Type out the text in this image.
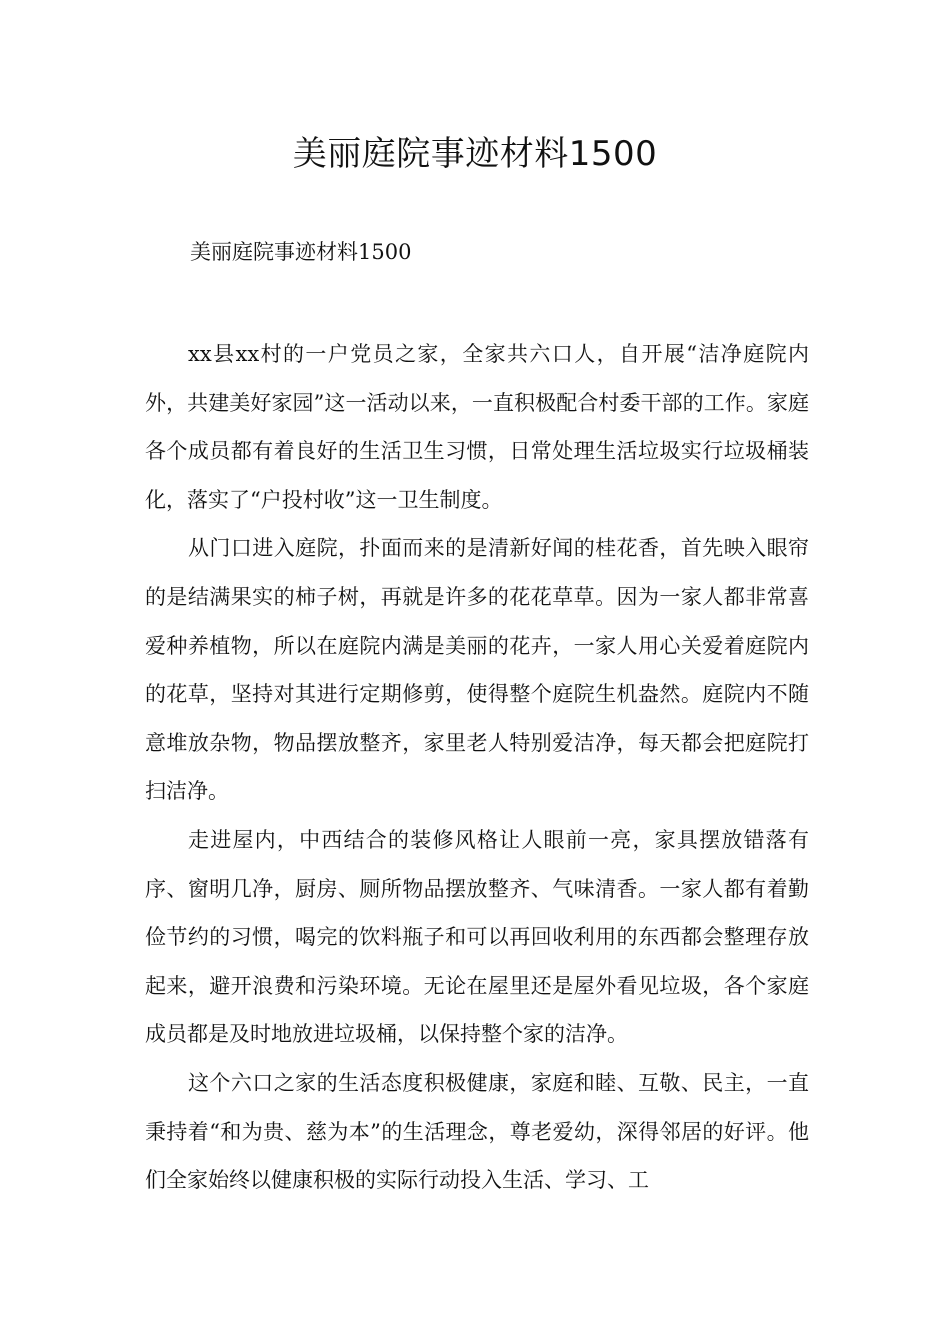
美丽庭院事迹材料1500
美丽庭院事迹材料1500

xx县xx村的一户党员之家，全家共六口人，自开展“洁净庭院内外，共建美好家园”这一活动以来，一直积极配合村委干部的工作。家庭各个成员都有着良好的生活卫生习惯，日常处理生活垃圾实行垃圾桶装化，落实了“户投村收”这一卫生制度。

从门口进入庭院，扑面而来的是清新好闻的桂花香，首先映入眼帘的是结满果实的柿子树，再就是许多的花花草草。因为一家人都非常喜爱种养植物，所以在庭院内满是美丽的花卉，一家人用心关爱着庭院内的花草，坚持对其进行定期修剪，使得整个庭院生机盎然。庭院内不随意堆放杂物，物品摆放整齐，家里老人特别爱洁净，每天都会把庭院打扫洁净。

走进屋内，中西结合的装修风格让人眼前一亮，家具摆放错落有序、窗明几净，厨房、厕所物品摆放整齐、气味清香。一家人都有着勤俭节约的习惯，喝完的饮料瓶子和可以再回收利用的东西都会整理存放起来，避开浪费和污染环境。无论在屋里还是屋外看见垃圾，各个家庭成员都是及时地放进垃圾桶，以保持整个家的洁净。

这个六口之家的生活态度积极健康，家庭和睦、互敬、民主，一直秉持着“和为贵、慈为本”的生活理念，尊老爱幼，深得邻居的好评。他们全家始终以健康积极的实际行动投入生活、学习、工
